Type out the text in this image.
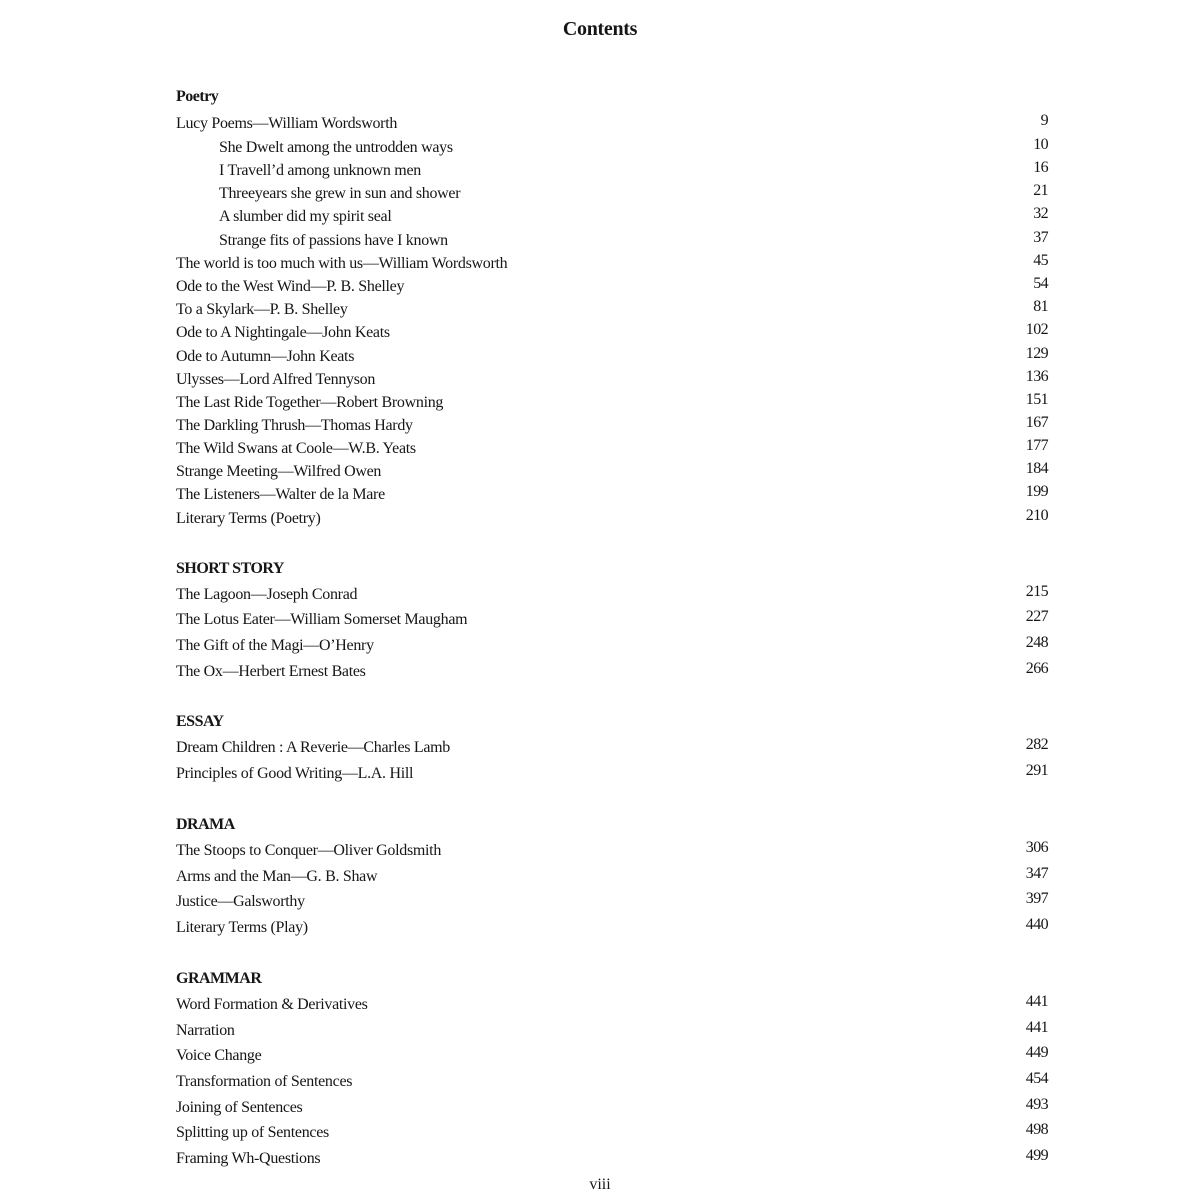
Contents
Poetry
Lucy Poems—William Wordsworth	9
She Dwelt among the untrodden ways	10
I Travell’d among unknown men	16
Threeyears she grew in sun and shower	21
A slumber did my spirit seal	32
Strange fits of passions have I known	37
The world is too much with us—William Wordsworth	45
Ode to the West Wind—P. B. Shelley	54
To a Skylark—P. B. Shelley	81
Ode to A Nightingale—John Keats	102
Ode to Autumn—John Keats	129
Ulysses—Lord Alfred Tennyson	136
The Last Ride Together—Robert Browning	151
The Darkling Thrush—Thomas Hardy	167
The Wild Swans at Coole—W.B. Yeats	177
Strange Meeting—Wilfred Owen	184
The Listeners—Walter de la Mare	199
Literary Terms (Poetry)	210
SHORT STORY
The Lagoon—Joseph Conrad	215
The Lotus Eater—William Somerset Maugham	227
The Gift of the Magi—O’Henry	248
The Ox—Herbert Ernest Bates	266
ESSAY
Dream Children : A Reverie—Charles Lamb	282
Principles of Good Writing—L.A. Hill	291
DRAMA
The Stoops to Conquer—Oliver Goldsmith	306
Arms and the Man—G. B. Shaw	347
Justice—Galsworthy	397
Literary Terms (Play)	440
GRAMMAR
Word Formation & Derivatives	441
Narration	441
Voice Change	449
Transformation of Sentences	454
Joining of Sentences	493
Splitting up of Sentences	498
Framing Wh-Questions	499
viii
